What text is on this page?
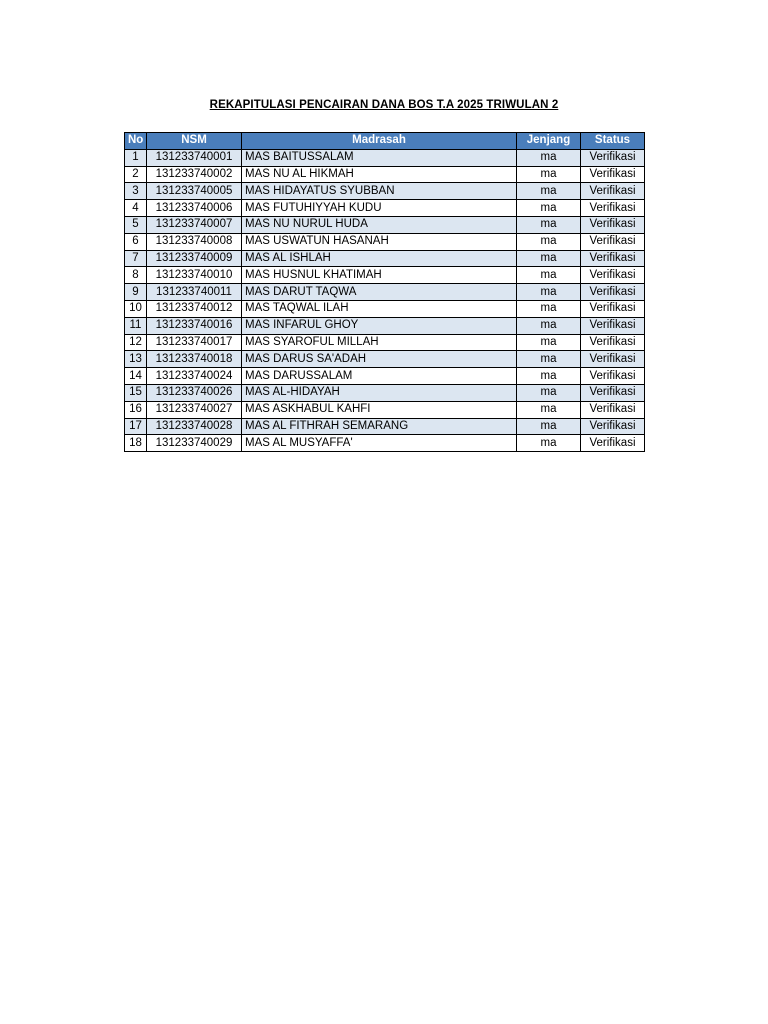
REKAPITULASI PENCAIRAN DANA BOS T.A 2025 TRIWULAN 2
No	NSM	Madrasah	Jenjang	Status
1	131233740001	MAS BAITUSSALAM	ma	Verifikasi
2	131233740002	MAS NU AL HIKMAH	ma	Verifikasi
3	131233740005	MAS HIDAYATUS SYUBBAN	ma	Verifikasi
4	131233740006	MAS FUTUHIYYAH KUDU	ma	Verifikasi
5	131233740007	MAS NU NURUL HUDA	ma	Verifikasi
6	131233740008	MAS USWATUN HASANAH	ma	Verifikasi
7	131233740009	MAS AL ISHLAH	ma	Verifikasi
8	131233740010	MAS HUSNUL KHATIMAH	ma	Verifikasi
9	131233740011	MAS DARUT TAQWA	ma	Verifikasi
10	131233740012	MAS TAQWAL ILAH	ma	Verifikasi
11	131233740016	MAS INFARUL GHOY	ma	Verifikasi
12	131233740017	MAS SYAROFUL MILLAH	ma	Verifikasi
13	131233740018	MAS DARUS SA'ADAH	ma	Verifikasi
14	131233740024	MAS DARUSSALAM	ma	Verifikasi
15	131233740026	MAS AL-HIDAYAH	ma	Verifikasi
16	131233740027	MAS ASKHABUL KAHFI	ma	Verifikasi
17	131233740028	MAS AL FITHRAH SEMARANG	ma	Verifikasi
18	131233740029	MAS AL MUSYAFFA'	ma	Verifikasi
